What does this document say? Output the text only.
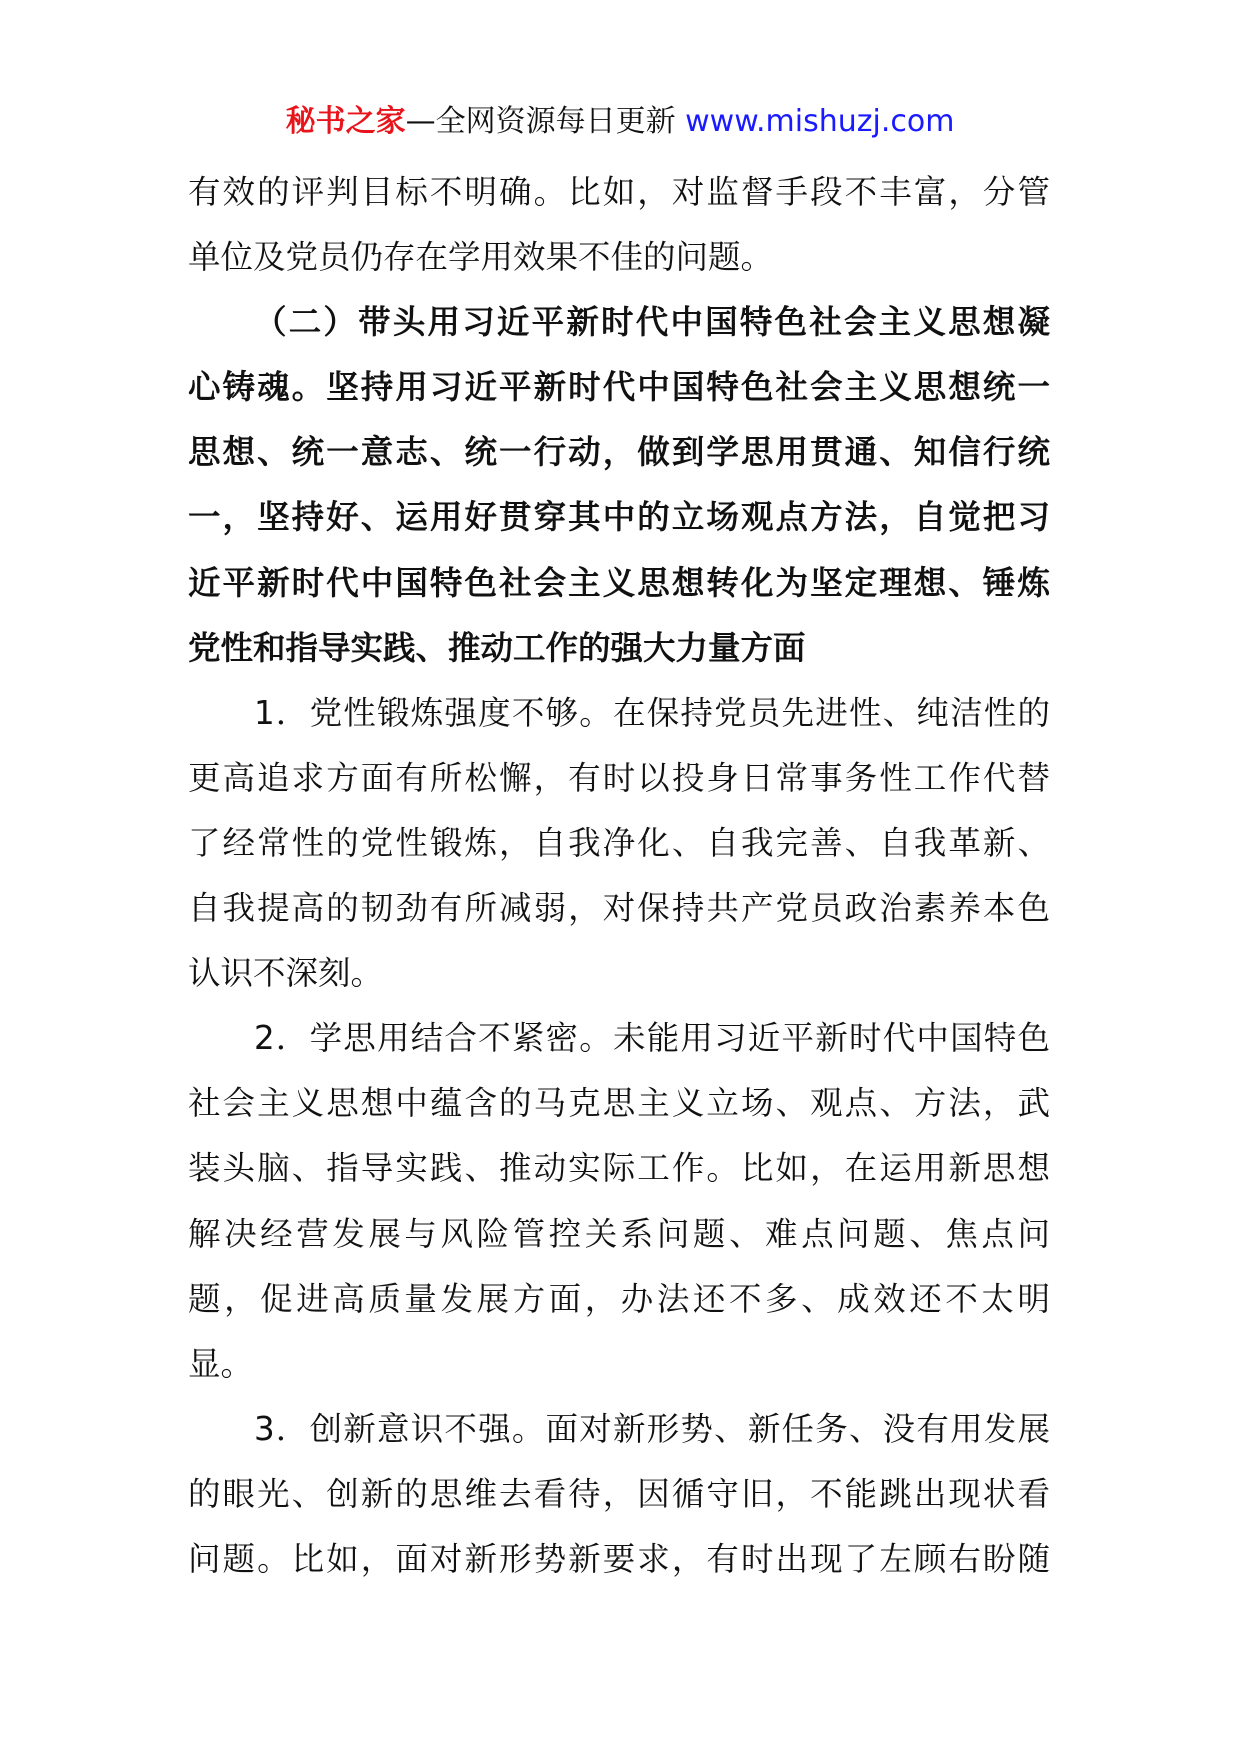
秘书之家—全网资源每日更新 www.mishuzj.com
有效的评判目标不明确。比如，对监督手段不丰富，分管
单位及党员仍存在学用效果不佳的问题。
（二）带头用习近平新时代中国特色社会主义思想凝
心铸魂。坚持用习近平新时代中国特色社会主义思想统一
思想、统一意志、统一行动，做到学思用贯通、知信行统
一，坚持好、运用好贯穿其中的立场观点方法，自觉把习
近平新时代中国特色社会主义思想转化为坚定理想、锤炼
党性和指导实践、推动工作的强大力量方面
1．党性锻炼强度不够。在保持党员先进性、纯洁性的
更高追求方面有所松懈，有时以投身日常事务性工作代替
了经常性的党性锻炼，自我净化、自我完善、自我革新、
自我提高的韧劲有所减弱，对保持共产党员政治素养本色
认识不深刻。
2．学思用结合不紧密。未能用习近平新时代中国特色
社会主义思想中蕴含的马克思主义立场、观点、方法，武
装头脑、指导实践、推动实际工作。比如，在运用新思想
解决经营发展与风险管控关系问题、难点问题、焦点问
题，促进高质量发展方面，办法还不多、成效还不太明
显。
3．创新意识不强。面对新形势、新任务、没有用发展
的眼光、创新的思维去看待，因循守旧，不能跳出现状看
问题。比如，面对新形势新要求，有时出现了左顾右盼随
